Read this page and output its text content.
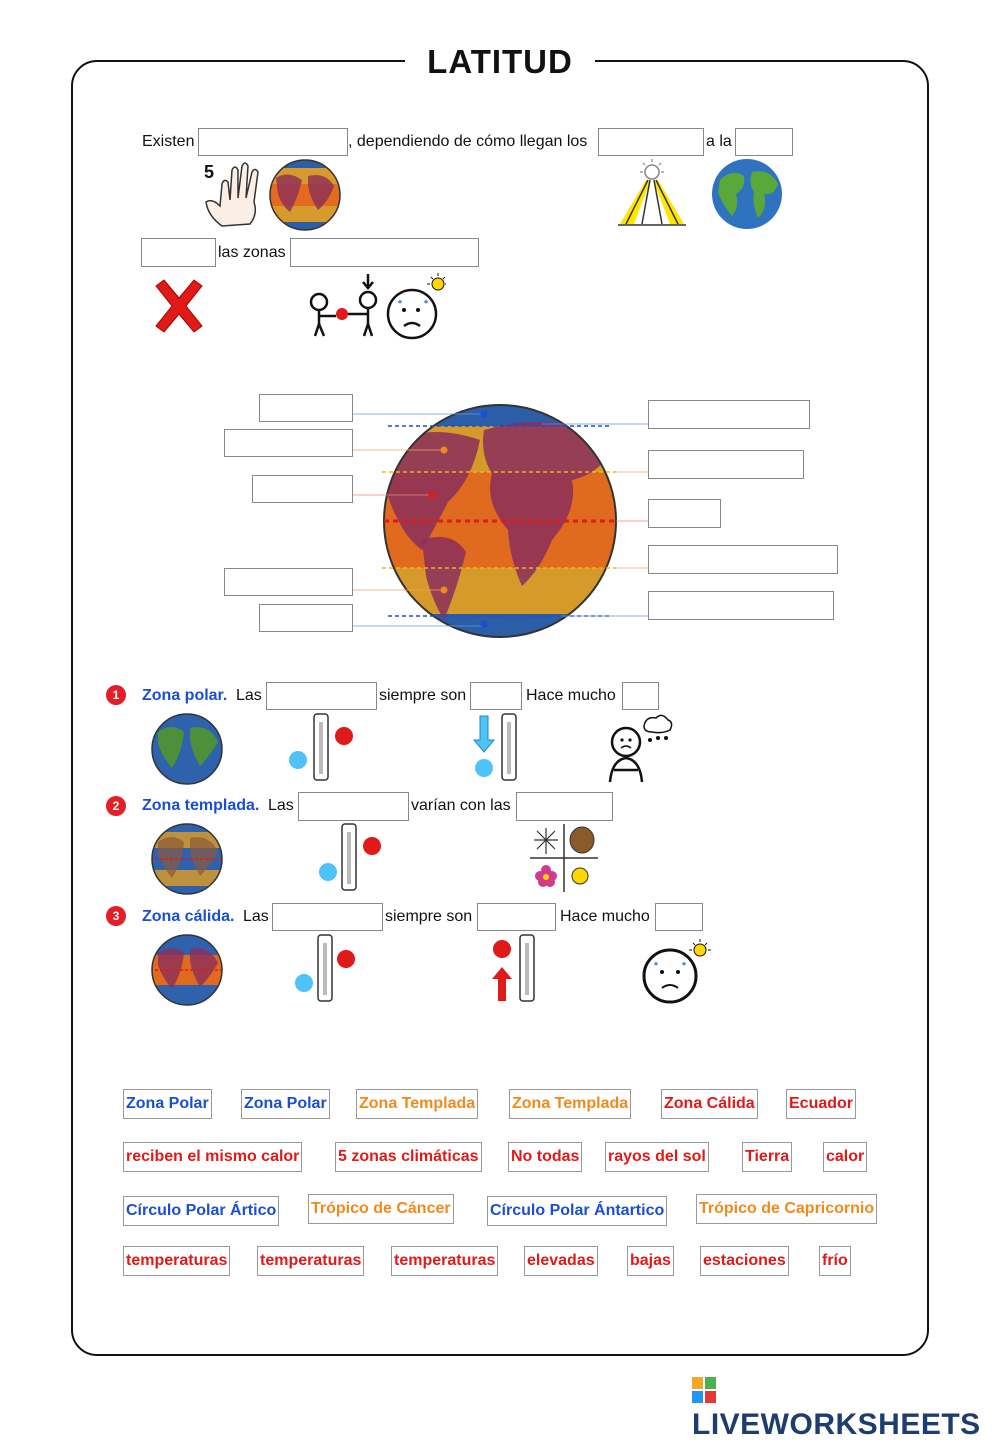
LATITUD
Existen	, dependiendo de cómo llegan los	a la
5
las zonas
1	Zona polar. Las	siempre son	Hace mucho
2	Zona templada. Las	varían con las
3	Zona cálida. Las	siempre son	Hace mucho
Zona Polar Zona Polar Zona Templada Zona Templada Zona Cálida Ecuador
reciben el mismo calor 5 zonas climáticas No todas rayos del sol Tierra calor
Círculo Polar Ártico Trópico de Cáncer Círculo Polar Ántartico Trópico de Capricornio
temperaturas temperaturas temperaturas elevadas bajas estaciones frío
LIVEWORKSHEETS
